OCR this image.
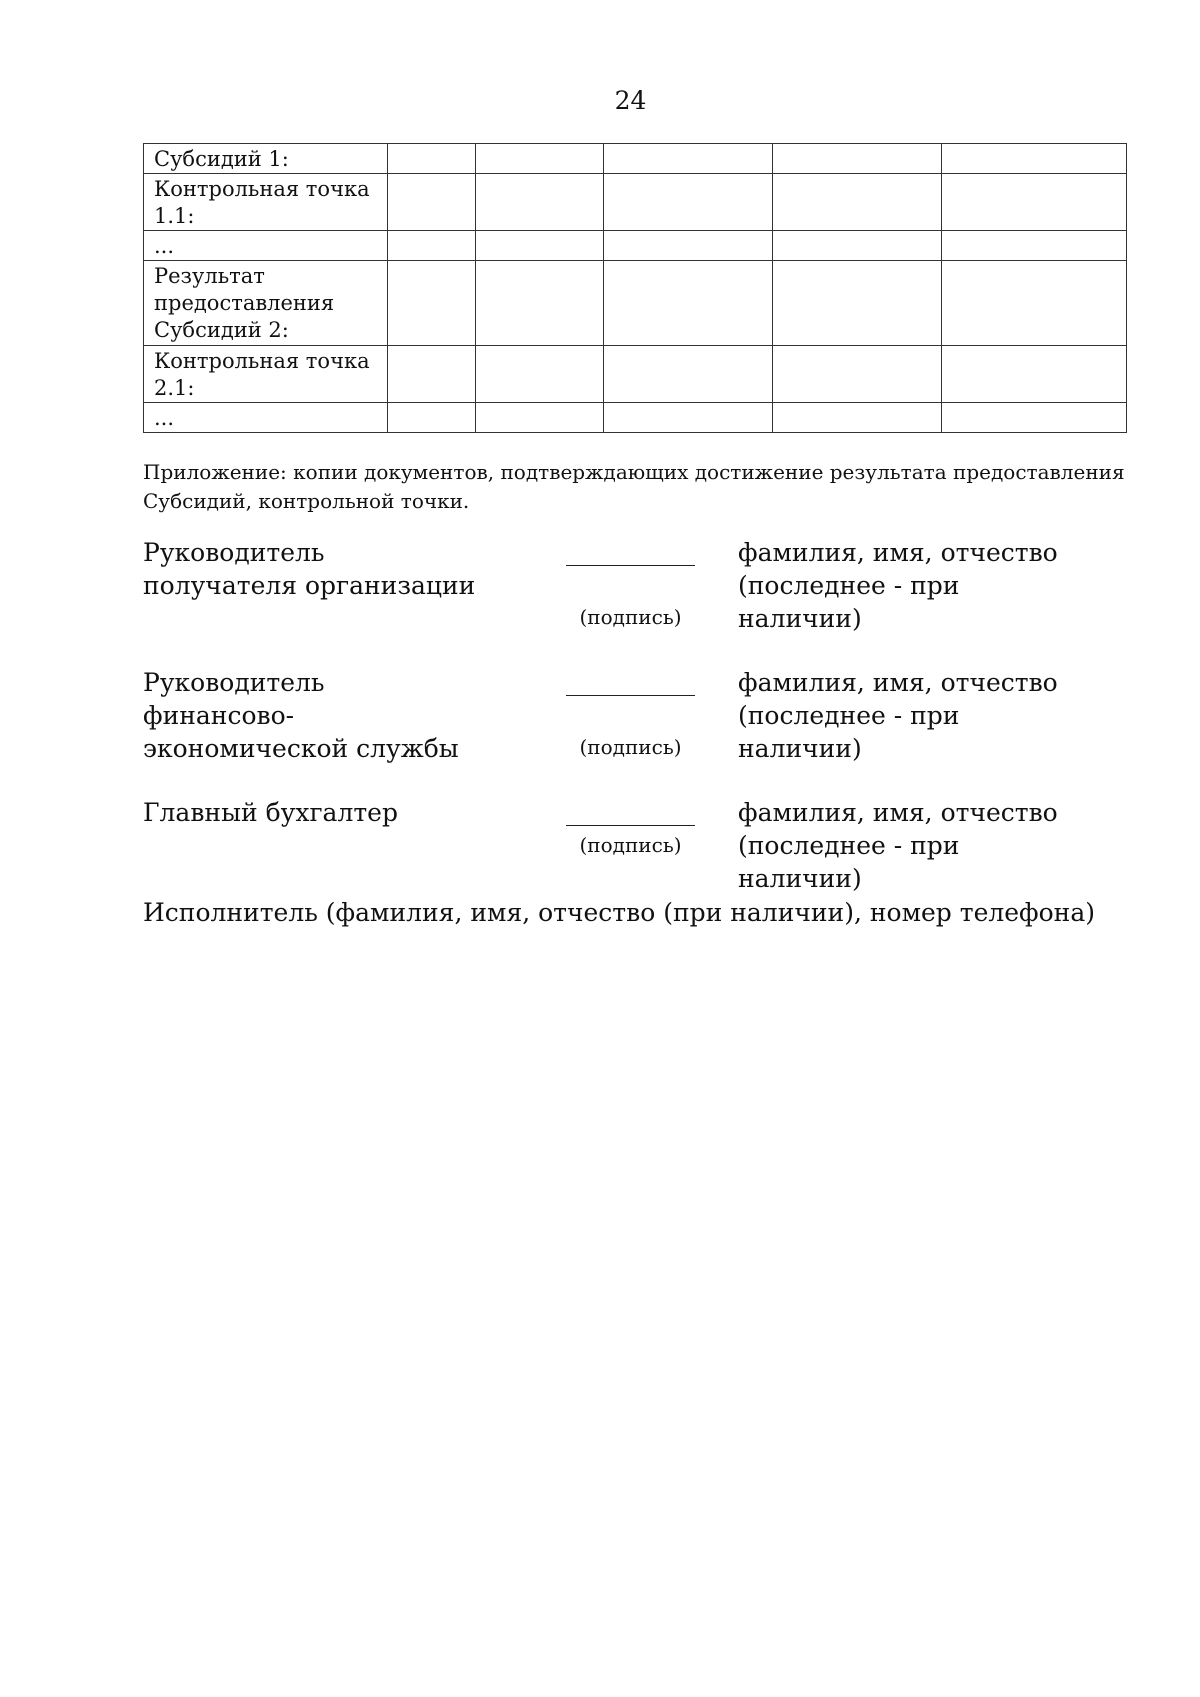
24
Субсидий 1:					
Контрольная точка 1.1:					
...					
Результат предоставления Субсидий 2:					
Контрольная точка 2.1:					
...					
Приложение: копии документов, подтверждающих достижение результата предоставления Субсидий, контрольной точки.
Руководитель получателя организации
(подпись)
фамилия, имя, отчество (последнее - при наличии)
Руководитель финансово-экономической службы	(подпись)
фамилия, имя, отчество (последнее - при наличии)
Главный бухгалтер
(подпись)
фамилия, имя, отчество (последнее - при наличии)
Исполнитель (фамилия, имя, отчество (при наличии), номер телефона)
